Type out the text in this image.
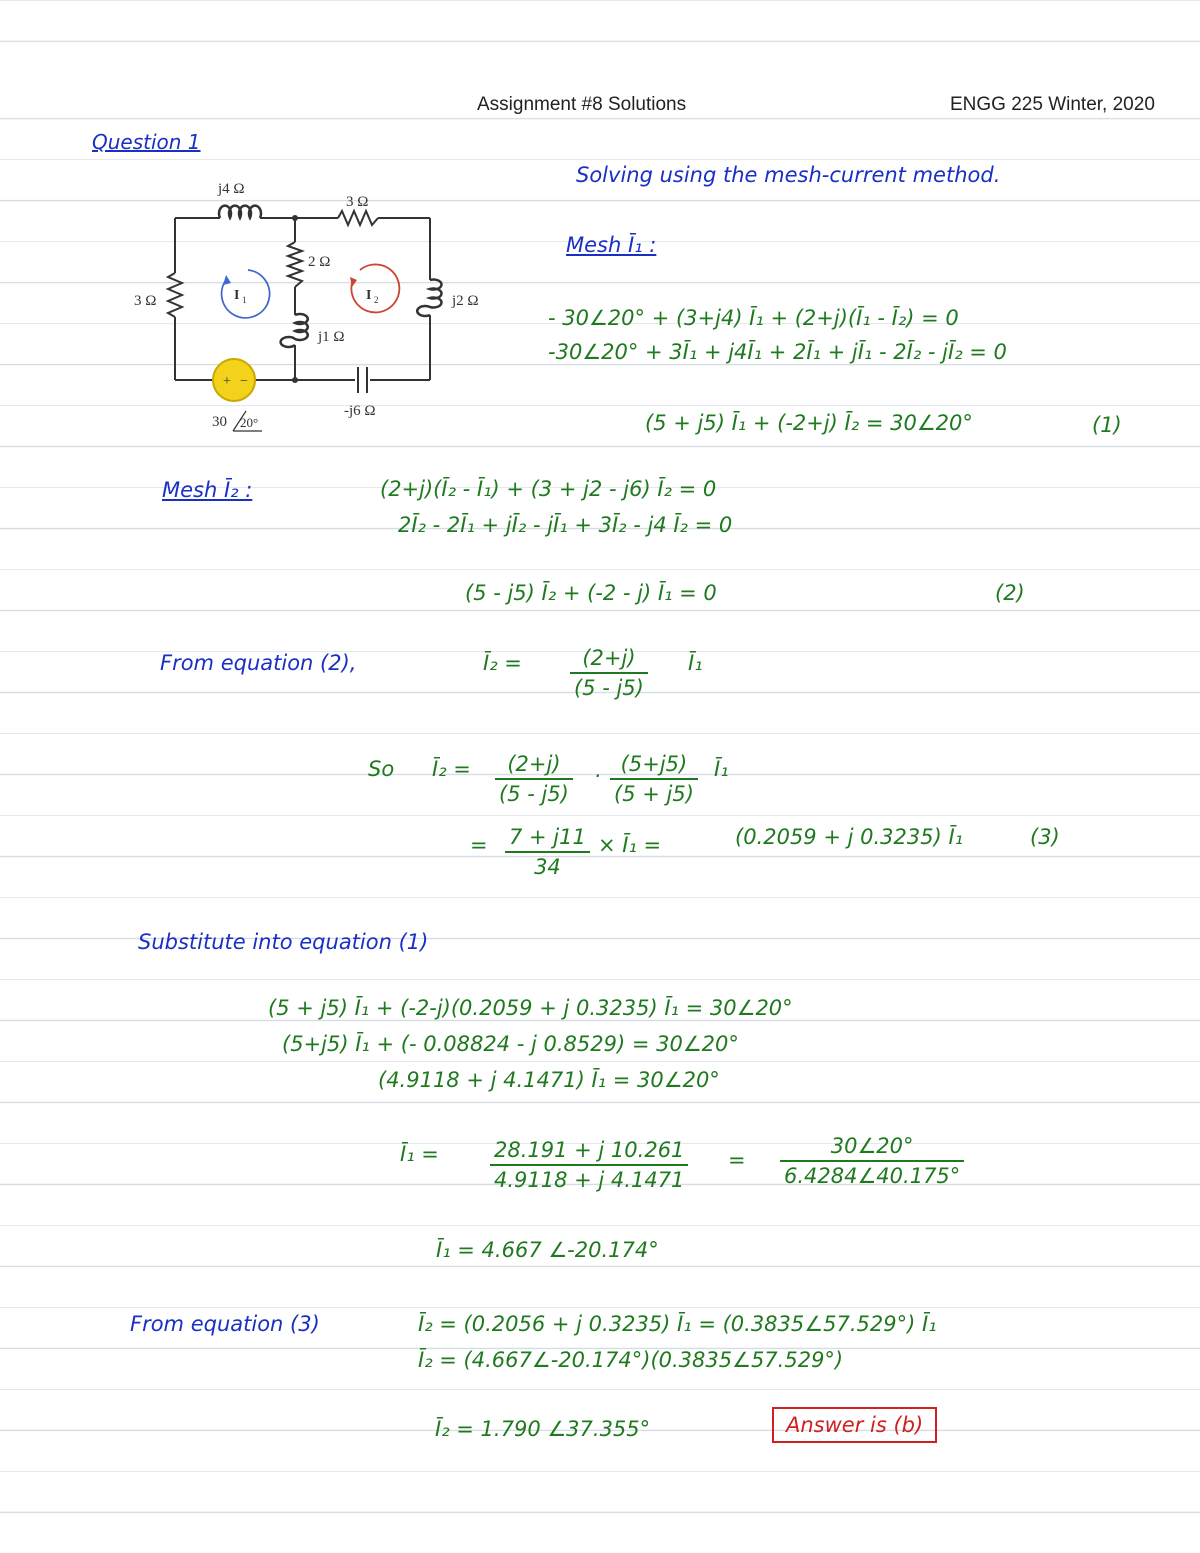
Assignment #8 Solutions	ENGG 225 Winter, 2020
Question 1
+ −
j4 Ω
3 Ω
2 Ω
j2 Ω
3 Ω
j1 Ω
-j6 Ω
30 20°
I 1	I 2
Solving using the mesh-current method.
Mesh Ī₁ :
- 30∠20° + (3+j4) Ī₁ + (2+j)(Ī₁ - Ī₂) = 0
-30∠20° + 3Ī₁ + j4Ī₁ + 2Ī₁ + jĪ₁ - 2Ī₂ - jĪ₂ = 0
(5 + j5) Ī₁ + (-2+j) Ī₂ = 30∠20°	(1)
Mesh Ī₂ :	(2+j)(Ī₂ - Ī₁) + (3 + j2 - j6) Ī₂ = 0
2Ī₂ - 2Ī₁ + jĪ₂ - jĪ₁ + 3Ī₂ - j4 Ī₂ = 0
(5 - j5) Ī₂ + (-2 - j) Ī₁ = 0	(2)
From equation (2),	Ī₂ = $\frac{(2+j)}{(5 - j5)}$ Ī₁
So Ī₂ = $\frac{(2+j)}{(5 - j5)} \cdot \frac{(5+j5)}{(5 + j5)}$ Ī₁
= $\frac{7 + j11}{34}$ × Ī₁ =	(0.2059 + j 0.3235) Ī₁	(3)
Substitute into equation (1)
(5 + j5) Ī₁ + (-2-j)(0.2059 + j 0.3235) Ī₁ = 30∠20°
(5+j5) Ī₁ + (- 0.08824 - j 0.8529) = 30∠20°
(4.9118 + j 4.1471) Ī₁ = 30∠20°
Ī₁ = $\frac{28.191 + j 10.261}{4.9118 + j 4.1471} = \frac{30\angle 20^\circ}{6.4284\angle 40.175^\circ}$
Ī₁ = 4.667 ∠-20.174°
From equation (3)	Ī₂ = (0.2056 + j 0.3235) Ī₁ = (0.3835∠57.529°) Ī₁
Ī₂ = (4.667∠-20.174°)(0.3835∠57.529°)
Ī₂ = 1.790 ∠37.355°	Answer is (b)
